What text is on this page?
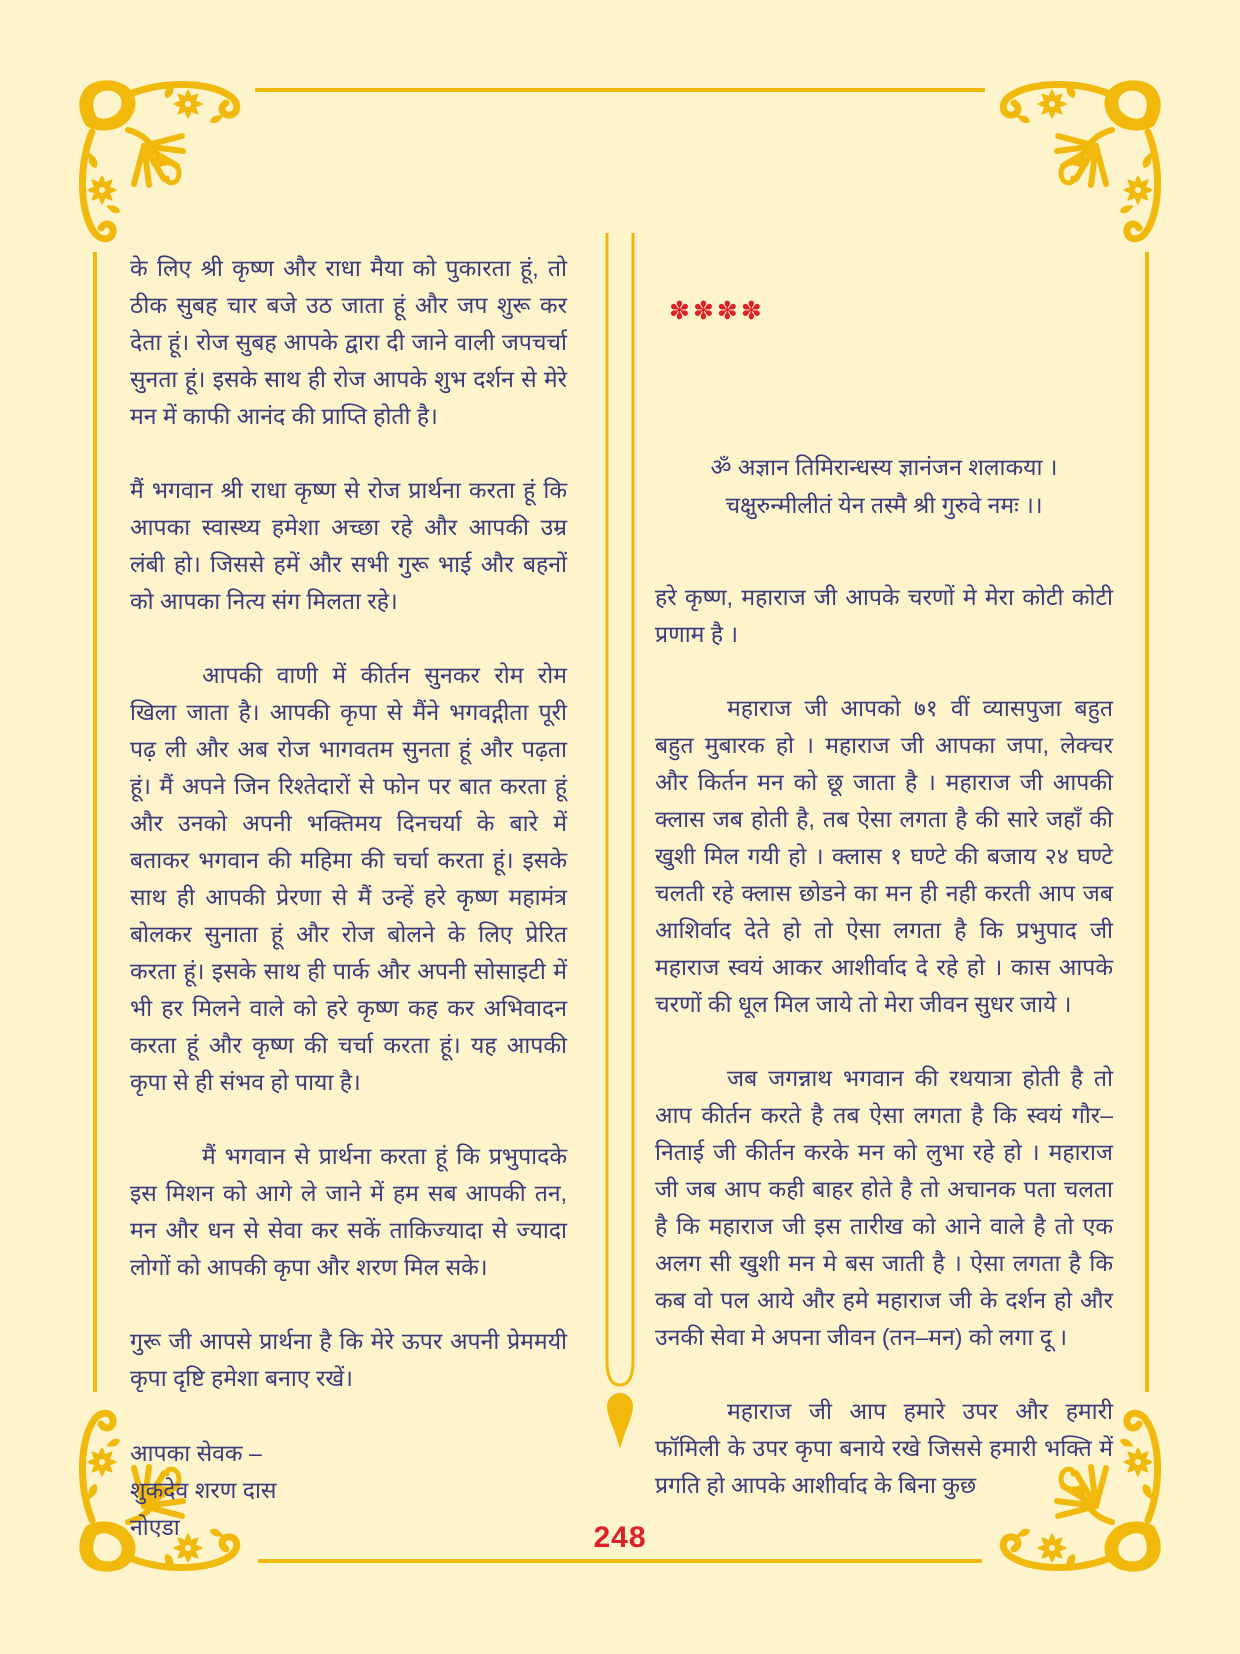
के लिए श्री कृष्ण और राधा मैया को पुकारता हूं, तो ठीक सुबह चार बजे उठ जाता हूं और जप शुरू कर देता हूं। रोज सुबह आपके द्वारा दी जाने वाली जपचर्चा सुनता हूं। इसके साथ ही रोज आपके शुभ दर्शन से मेरे मन में काफी आनंद की प्राप्ति होती है।

मैं भगवान श्री राधा कृष्ण से रोज प्रार्थना करता हूं कि आपका स्वास्थ्य हमेशा अच्छा रहे और आपकी उम्र लंबी हो। जिससे हमें और सभी गुरू भाई और बहनों को आपका नित्य संग मिलता रहे।

आपकी वाणी में कीर्तन सुनकर रोम रोम खिला जाता है। आपकी कृपा से मैंने भगवद्गीता पूरी पढ़ ली और अब रोज भागवतम सुनता हूं और पढ़ता हूं। मैं अपने जिन रिश्तेदारों से फोन पर बात करता हूं और उनको अपनी भक्तिमय दिनचर्या के बारे में बताकर भगवान की महिमा की चर्चा करता हूं। इसके साथ ही आपकी प्रेरणा से मैं उन्हें हरे कृष्ण महामंत्र बोलकर सुनाता हूं और रोज बोलने के लिए प्रेरित करता हूं। इसके साथ ही पार्क और अपनी सोसाइटी में भी हर मिलने वाले को हरे कृष्ण कह कर अभिवादन करता हूं और कृष्ण की चर्चा करता हूं। यह आपकी कृपा से ही संभव हो पाया है।

मैं भगवान से प्रार्थना करता हूं कि प्रभुपादके इस मिशन को आगे ले जाने में हम सब आपकी तन, मन और धन से सेवा कर सकें ताकिज्यादा से ज्यादा लोगों को आपकी कृपा और शरण मिल सके।

गुरू जी आपसे प्रार्थना है कि मेरे ऊपर अपनी प्रेममयी कृपा दृष्टि हमेशा बनाए रखें।

आपका सेवक –
शुकदेव शरण दास
नोएडा
✽✽✽✽
ॐ अज्ञान तिमिरान्धस्य ज्ञानंजन शलाकया ।
चक्षुरुन्मीलीतं येन तस्मै श्री गुरुवे नमः ।।

हरे कृष्ण, महाराज जी आपके चरणों मे मेरा कोटी कोटी प्रणाम है ।

महाराज जी आपको ७१ वीं व्यासपुजा बहुत बहुत मुबारक हो । महाराज जी आपका जपा, लेक्चर और किर्तन मन को छू जाता है । महाराज जी आपकी क्लास जब होती है, तब ऐसा लगता है की सारे जहाँ की खुशी मिल गयी हो । क्लास १ घण्टे की बजाय २४ घण्टे चलती रहे क्लास छोडने का मन ही नही करती आप जब आशिर्वाद देते हो तो ऐसा लगता है कि प्रभुपाद जी महाराज स्वयं आकर आशीर्वाद दे रहे हो । कास आपके चरणों की धूल मिल जाये तो मेरा जीवन सुधर जाये ।

जब जगन्नाथ भगवान की रथयात्रा होती है तो आप कीर्तन करते है तब ऐसा लगता है कि स्वयं गौर–निताई जी कीर्तन करके मन को लुभा रहे हो । महाराज जी जब आप कही बाहर होते है तो अचानक पता चलता है कि महाराज जी इस तारीख को आने वाले है तो एक अलग सी खुशी मन मे बस जाती है । ऐसा लगता है कि कब वो पल आये और हमे महाराज जी के दर्शन हो और उनकी सेवा मे अपना जीवन (तन–मन) को लगा दू ।

महाराज जी आप हमारे उपर और हमारी फॉमिली के उपर कृपा बनाये रखे जिससे हमारी भक्ति में प्रगति हो आपके आशीर्वाद के बिना कुछ

248
